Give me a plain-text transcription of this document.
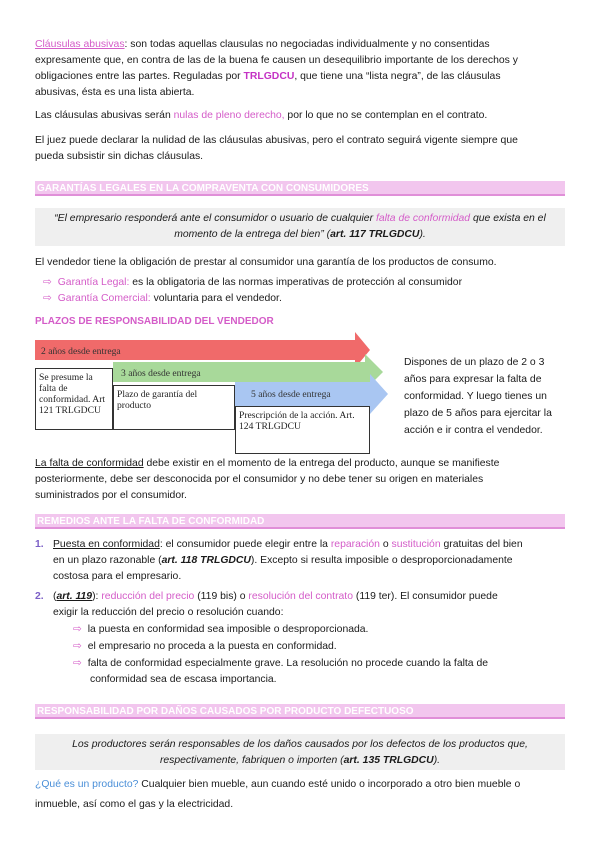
Cláusulas abusivas: son todas aquellas clausulas no negociadas individualmente y no consentidas

expresamente que, en contra de las de la buena fe causen un desequilibrio importante de los derechos y

obligaciones entre las partes. Reguladas por TRLGDCU, que tiene una “lista negra”, de las cláusulas

abusivas, ésta es una lista abierta.

Las cláusulas abusivas serán nulas de pleno derecho, por lo que no se contemplan en el contrato.

El juez puede declarar la nulidad de las cláusulas abusivas, pero el contrato seguirá vigente siempre que

pueda subsistir sin dichas cláusulas.

GARANTÍAS LEGALES EN LA COMPRAVENTA CON CONSUMIDORES

“El empresario responderá ante el consumidor o usuario de cualquier falta de conformidad que exista en el

momento de la entrega del bien” (art. 117 TRLGDCU).

El vendedor tiene la obligación de prestar al consumidor una garantía de los productos de consumo.

⇨ Garantía Legal: es la obligatoria de las normas imperativas de protección al consumidor

⇨ Garantía Comercial: voluntaria para el vendedor.

PLAZOS DE RESPONSABILIDAD DEL VENDEDOR
2 años desde entrega
3 años desde entrega
5 años desde entrega
Se presume la falta de conformidad. Art 121 TRLGDCU
Plazo de garantía del producto
Prescripción de la acción. Art. 124 TRLGDCU

Dispones de un plazo de 2 o 3

años para expresar la falta de

conformidad. Y luego tienes un

plazo de 5 años para ejercitar la

acción e ir contra el vendedor.

La falta de conformidad debe existir en el momento de la entrega del producto, aunque se manifieste

posteriormente, debe ser desconocida por el consumidor y no debe tener su origen en materiales

suministrados por el consumidor.

REMEDIOS ANTE LA FALTA DE CONFORMIDAD

1. Puesta en conformidad: el consumidor puede elegir entre la reparación o sustitución gratuitas del bien

en un plazo razonable (art. 118 TRLGDCU). Excepto si resulta imposible o desproporcionadamente

costosa para el empresario.

2. (art. 119): reducción del precio (119 bis) o resolución del contrato (119 ter). El consumidor puede

exigir la reducción del precio o resolución cuando:

⇨ la puesta en conformidad sea imposible o desproporcionada.

⇨ el empresario no proceda a la puesta en conformidad.

⇨ falta de conformidad especialmente grave. La resolución no procede cuando la falta de

conformidad sea de escasa importancia.

RESPONSABILIDAD POR DAÑOS CAUSADOS POR PRODUCTO DEFECTUOSO

Los productores serán responsables de los daños causados por los defectos de los productos que,

respectivamente, fabriquen o importen (art. 135 TRLGDCU).

¿Qué es un producto? Cualquier bien mueble, aun cuando esté unido o incorporado a otro bien mueble o

inmueble, así como el gas y la electricidad.
